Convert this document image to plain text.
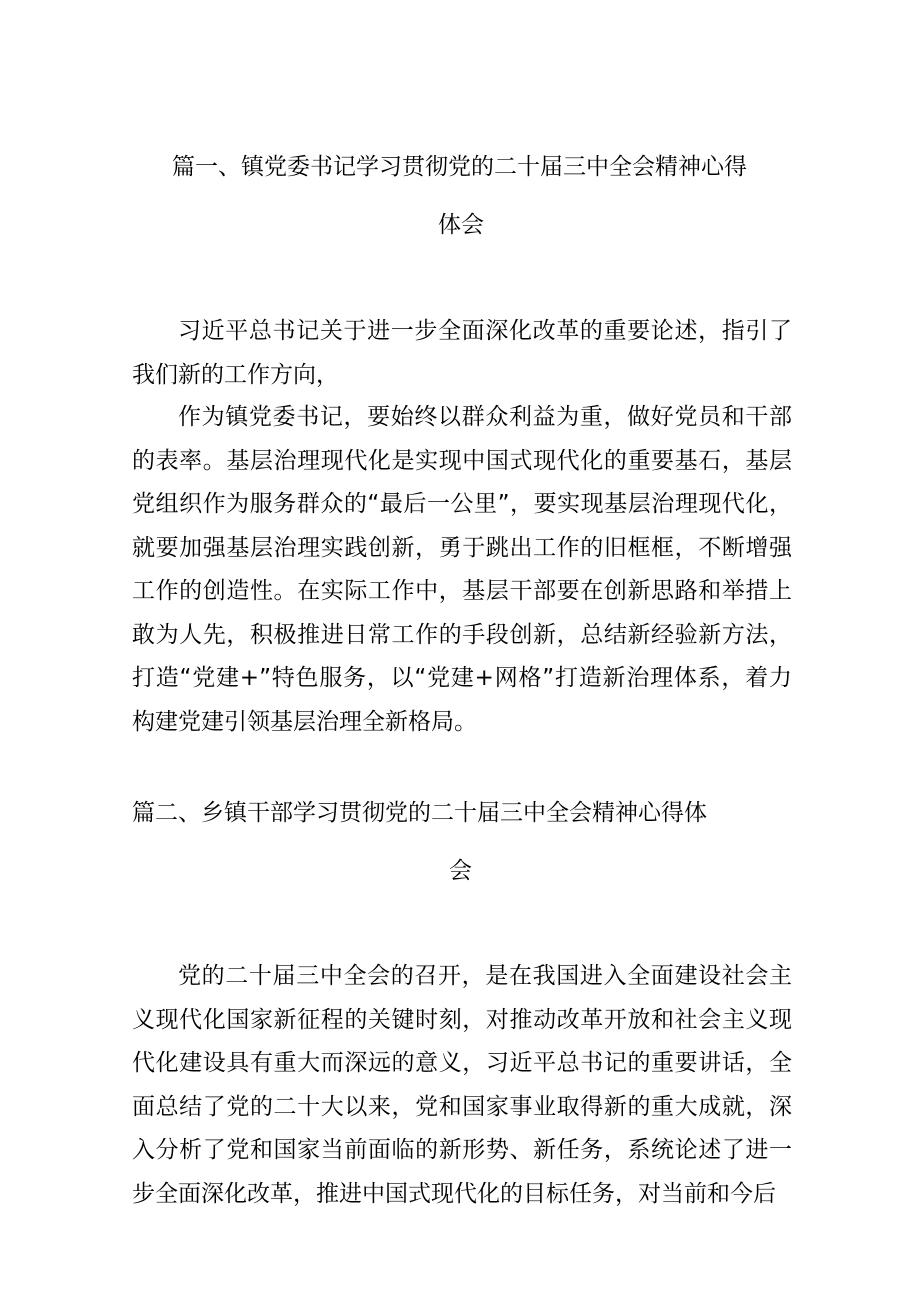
篇一、镇党委书记学习贯彻党的二十届三中全会精神心得
体会
习近平总书记关于进一步全面深化改革的重要论述，指引了我们新的工作方向，
作为镇党委书记，要始终以群众利益为重，做好党员和干部的表率。基层治理现代化是实现中国式现代化的重要基石，基层党组织作为服务群众的“最后一公里”，要实现基层治理现代化，就要加强基层治理实践创新，勇于跳出工作的旧框框，不断增强工作的创造性。在实际工作中，基层干部要在创新思路和举措上敢为人先，积极推进日常工作的手段创新，总结新经验新方法，打造“党建+”特色服务，以“党建+网格”打造新治理体系，着力构建党建引领基层治理全新格局。
篇二、乡镇干部学习贯彻党的二十届三中全会精神心得体
会
党的二十届三中全会的召开，是在我国进入全面建设社会主义现代化国家新征程的关键时刻，对推动改革开放和社会主义现代化建设具有重大而深远的意义，习近平总书记的重要讲话，全面总结了党的二十大以来，党和国家事业取得新的重大成就，深入分析了党和国家当前面临的新形势、新任务，系统论述了进一步全面深化改革，推进中国式现代化的目标任务，对当前和今后
